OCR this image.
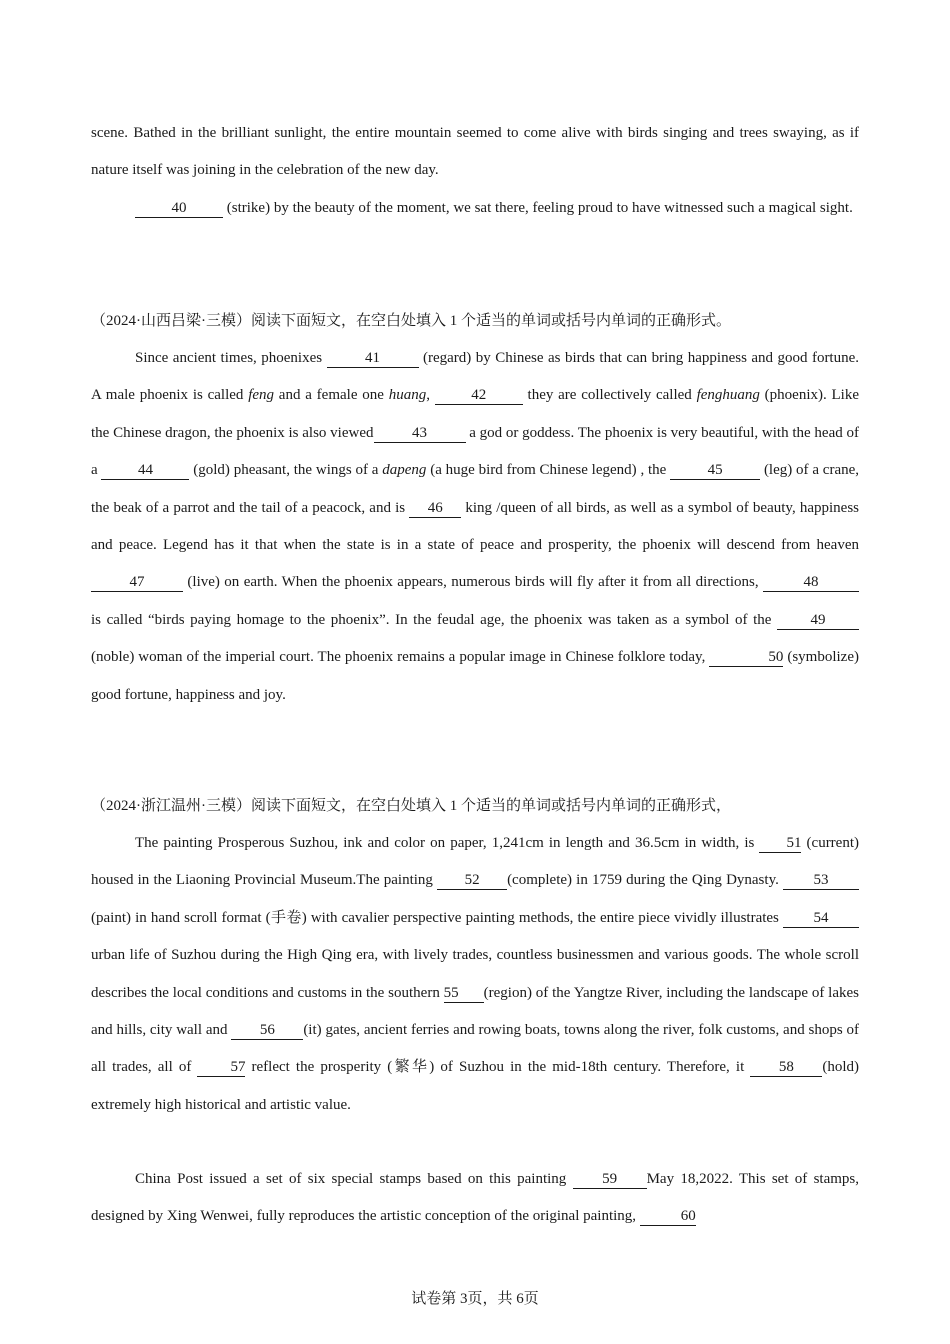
scene. Bathed in the brilliant sunlight, the entire mountain seemed to come alive with birds singing and trees swaying, as if nature itself was joining in the celebration of the new day.

40 (strike) by the beauty of the moment, we sat there, feeling proud to have witnessed such a magical sight.

（2024·山西吕梁·三模）阅读下面短文，在空白处填入 1 个适当的单词或括号内单词的正确形式。

Since ancient times, phoenixes	41	(regard) by Chinese as birds that can bring happiness and good fortune. A male phoenix is called feng and a female one huang, 42 they are collectively called fenghuang (phoenix). Like the Chinese dragon, the phoenix is also viewed	43	a god or goddess. The phoenix is very beautiful, with the head of a 44 (gold) pheasant, the wings of a dapeng (a huge bird from Chinese legend) , the	45	(leg) of a crane, the beak of a parrot and the tail of a peacock, and is 46 king /queen of all birds, as well as a symbol of beauty, happiness and peace. Legend has it that when the state is in a state of peace and prosperity, the phoenix will descend from heaven 47	(live) on earth. When the phoenix appears, numerous birds will fly after it from all directions,	48 is called “birds paying homage to the phoenix”. In the feudal age, the phoenix was taken as a symbol of the 49 (noble) woman of the imperial court. The phoenix remains a popular image in Chinese folklore today,	50 (symbolize) good fortune, happiness and joy.

（2024·浙江温州·三模）阅读下面短文，在空白处填入 1 个适当的单词或括号内单词的正确形式，

The painting Prosperous Suzhou, ink and color on paper, 1,241cm in length and 36.5cm in width, is 51 (current) housed in the Liaoning Provincial Museum.The painting 52 (complete) in 1759 during the Qing Dynasty. 53(paint) in hand scroll format (手卷) with cavalier perspective painting methods, the entire piece vividly illustrates 54urban life of Suzhou during the High Qing era, with lively trades, countless businessmen and various goods. The whole scroll describes the local conditions and customs in the southern 55 (region) of the Yangtze River, including the landscape of lakes and hills, city wall and 56 (it) gates, ancient ferries and rowing boats, towns along the river, folk customs, and shops of all trades, all of 57 reflect the prosperity (繁华) of Suzhou in the mid-18th century. Therefore, it 58 (hold) extremely high historical and artistic value.

China Post issued a set of six special stamps based on this painting 59 May 18,2022. This set of stamps, designed by Xing Wenwei, fully reproduces the artistic conception of the original painting,	60

试卷第 3页，共 6页
